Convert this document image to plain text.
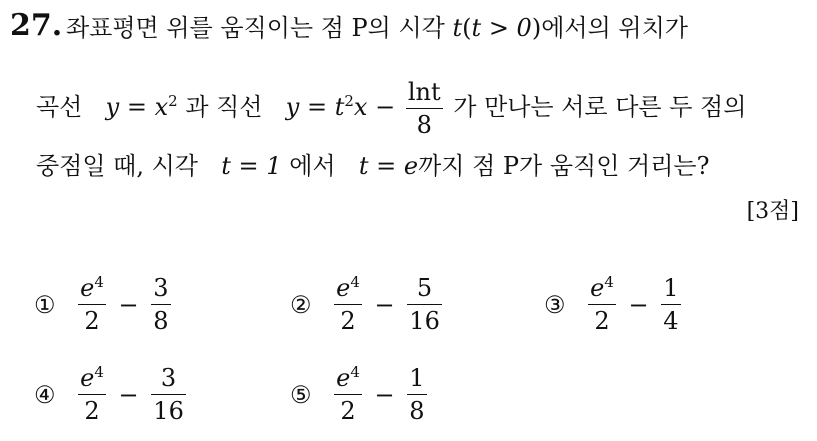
27. 좌표평면 위를 움직이는 점 P의 시각 t(t > 0)에서의 위치가
곡선 $y = x^2$ 과 직선 $y = t^2x - \frac{\ln t}{8}$ 가 만나는 서로 다른 두 점의
중점일 때, 시각 t = 1 에서 t = e까지 점 P가 움직인 거리는?
[3점]
① $\frac{e^4}{2} - \frac{3}{8}$	② $\frac{e^4}{2} - \frac{5}{16}$	③ $\frac{e^4}{2} - \frac{1}{4}$
④ $\frac{e^4}{2} - \frac{3}{16}$	⑤ $\frac{e^4}{2} - \frac{1}{8}$
